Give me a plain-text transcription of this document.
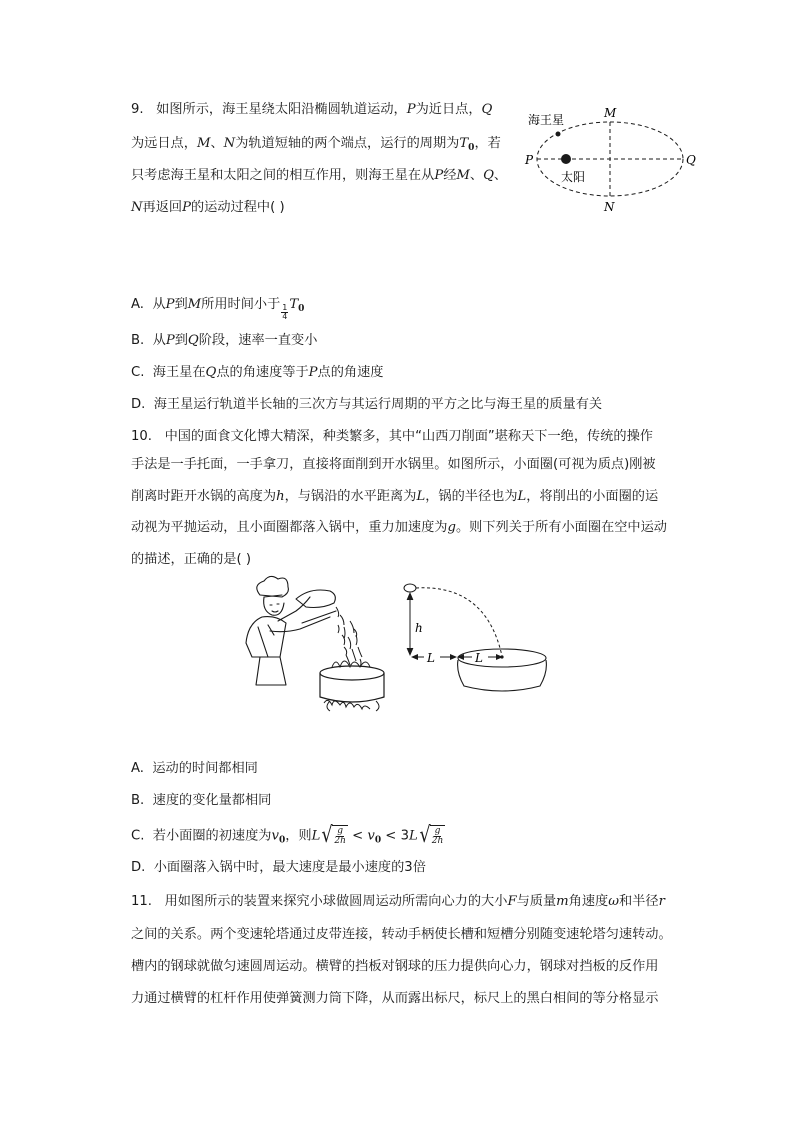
9. 如图所示，海王星绕太阳沿椭圆轨道运动，P为近日点，Q
为远日点，M、N为轨道短轴的两个端点，运行的周期为$T_0$，若
只考虑海王星和太阳之间的相互作用，则海王星在从P经M、Q、
N再返回P的运动过程中( )
海王星
太阳
M
N
P	Q
A. 从P到M所用时间小于 $\frac{1}{4} T_0$
B. 从P到Q阶段，速率一直变小
C. 海王星在Q点的角速度等于P点的角速度
D. 海王星运行轨道半长轴的三次方与其运行周期的平方之比与海王星的质量有关
10. 中国的面食文化博大精深，种类繁多，其中“山西刀削面”堪称天下一绝，传统的操作
手法是一手托面，一手拿刀，直接将面削到开水锅里。如图所示，小面圈(可视为质点)刚被
削离时距开水锅的高度为h，与锅沿的水平距离为L，锅的半径也为L，将削出的小面圈的运
动视为平抛运动，且小面圈都落入锅中，重力加速度为g。则下列关于所有小面圈在空中运动
的描述，正确的是( )
h
L	L
A. 运动的时间都相同
B. 速度的变化量都相同
C. 若小面圈的初速度为$v_0$，则L √ g
$2h < v_0 < 3L$ √ g
2h
D. 小面圈落入锅中时，最大速度是最小速度的3倍
11. 用如图所示的装置来探究小球做圆周运动所需向心力的大小F与质量m角速度ω和半径r
之间的关系。两个变速轮塔通过皮带连接，转动手柄使长槽和短槽分别随变速轮塔匀速转动。
槽内的钢球就做匀速圆周运动。横臂的挡板对钢球的压力提供向心力，钢球对挡板的反作用
力通过横臂的杠杆作用使弹簧测力筒下降，从而露出标尺，标尺上的黑白相间的等分格显示
